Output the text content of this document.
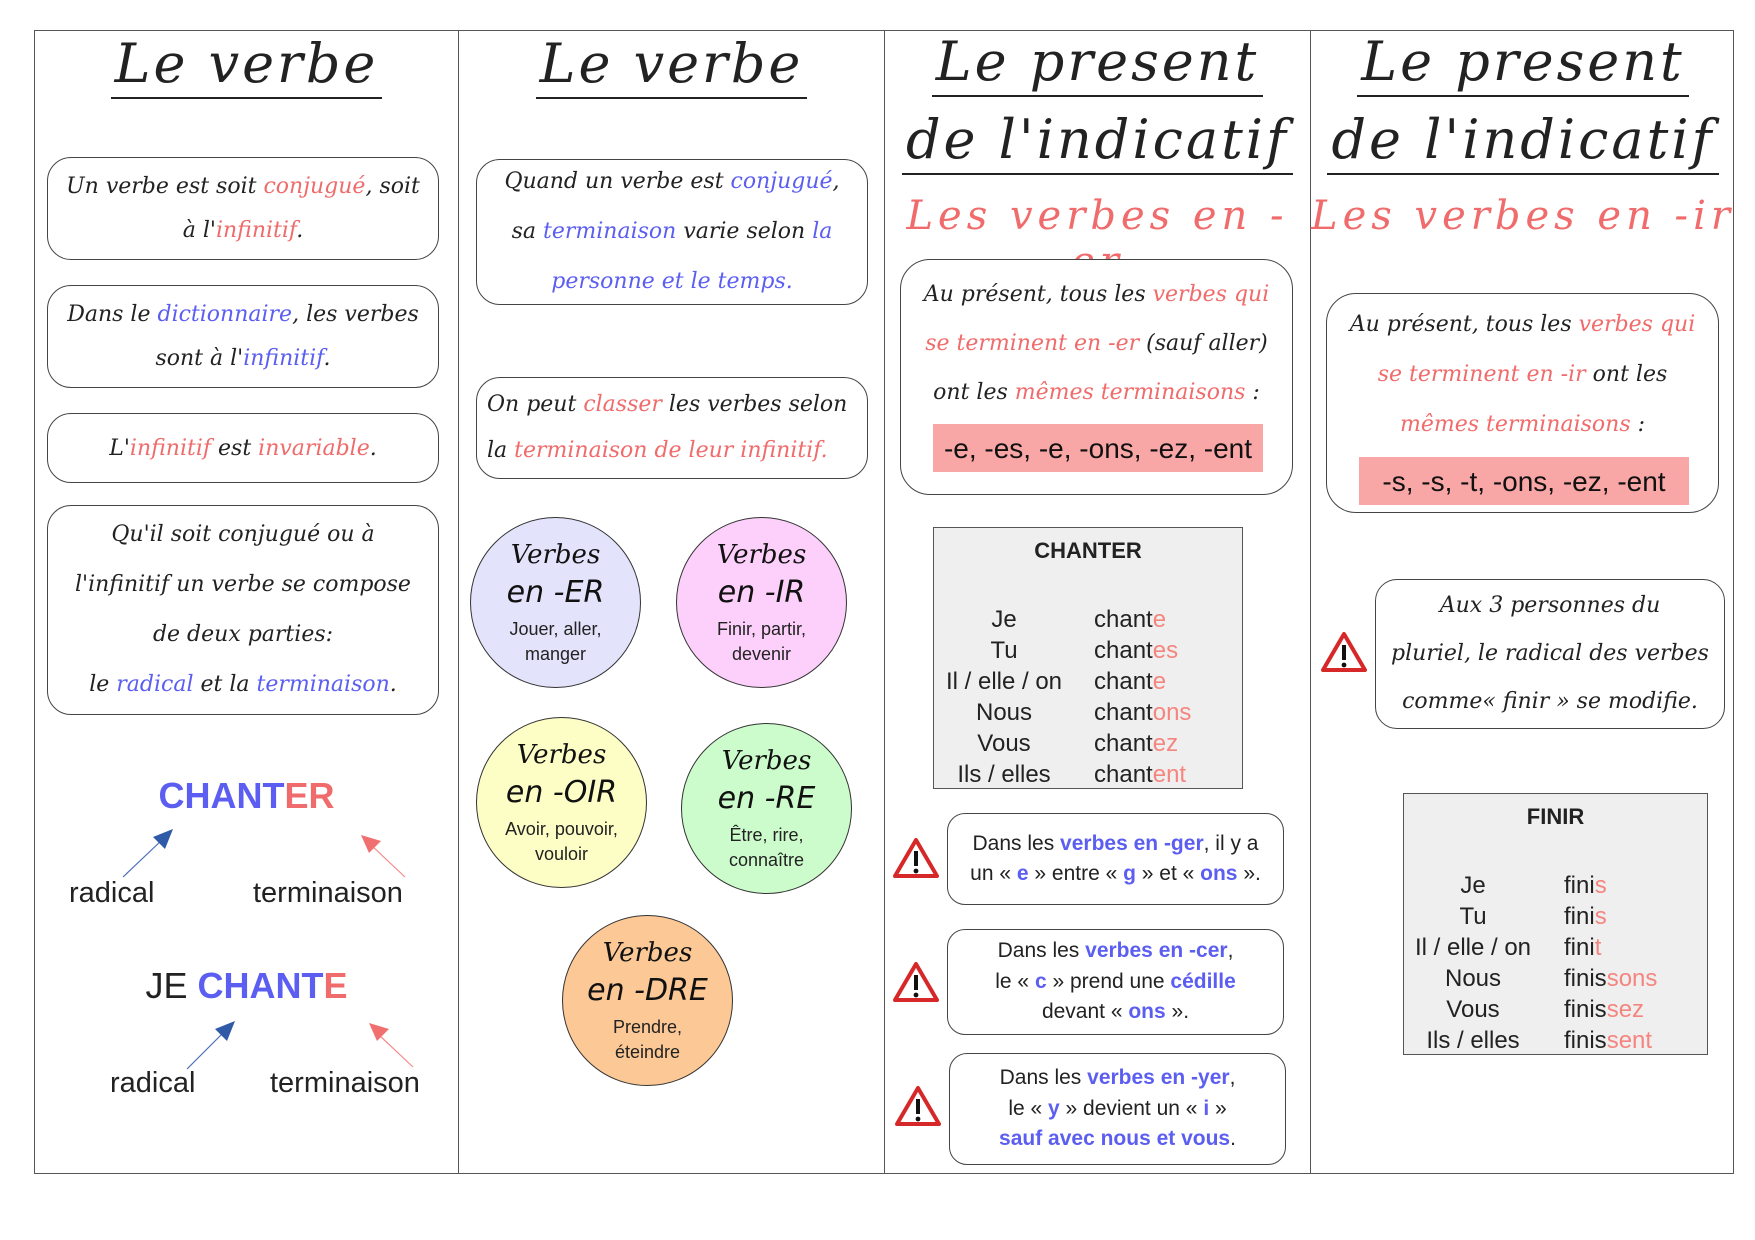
Le verbe
Un verbe est soit conjugué, soit
à l'infinitif.
Dans le dictionnaire, les verbes
sont à l'infinitif.
L'infinitif est invariable.
Qu'il soit conjugué ou à
l'infinitif un verbe se compose
de deux parties:
le radical et la terminaison.
CHANTER
radical	terminaison
JE CHANTE
radical	terminaison
Le verbe
Quand un verbe est conjugué,
sa terminaison varie selon la
personne et le temps.
On peut classer les verbes selon
la terminaison de leur infinitif.
Verbes
en -ER
Jouer, aller, manger
Verbes
en -IR
Finir, partir, devenir
Verbes
en -OIR
Avoir, pouvoir, vouloir
Verbes
en -RE
Être, rire, connaître
Verbes
en -DRE
Prendre, éteindre
Le present
de l'indicatif
Les verbes en -
Au présent, tous les verbes qui
se terminent en -er (sauf aller)
ont les mêmes terminaisons :
-e, -es, -e, -ons, -ez, -ent
CHANTER
Je	chante
Tu	chantes
Il / elle / on	chante
Nous	chantons
Vous	chantez
Ils / elles	chantent
Dans les verbes en -ger, il y a
un « e » entre « g » et « ons ».
Dans les verbes en -cer,
le « c » prend une cédille
devant « ons ».
Dans les verbes en -yer,
le « y » devient un « i »
sauf avec nous et vous.
Le present
de l'indicatif
Les verbes en -ir
Au présent, tous les verbes qui
se terminent en -ir ont les
mêmes terminaisons :
-s, -s, -t, -ons, -ez, -ent
Aux 3 personnes du
pluriel, le radical des verbes
comme« finir » se modifie.
FINIR
Je	finis
Tu	finis
Il / elle / on	finit
Nous	finissons
Vous	finissez
Ils / elles	finissent
